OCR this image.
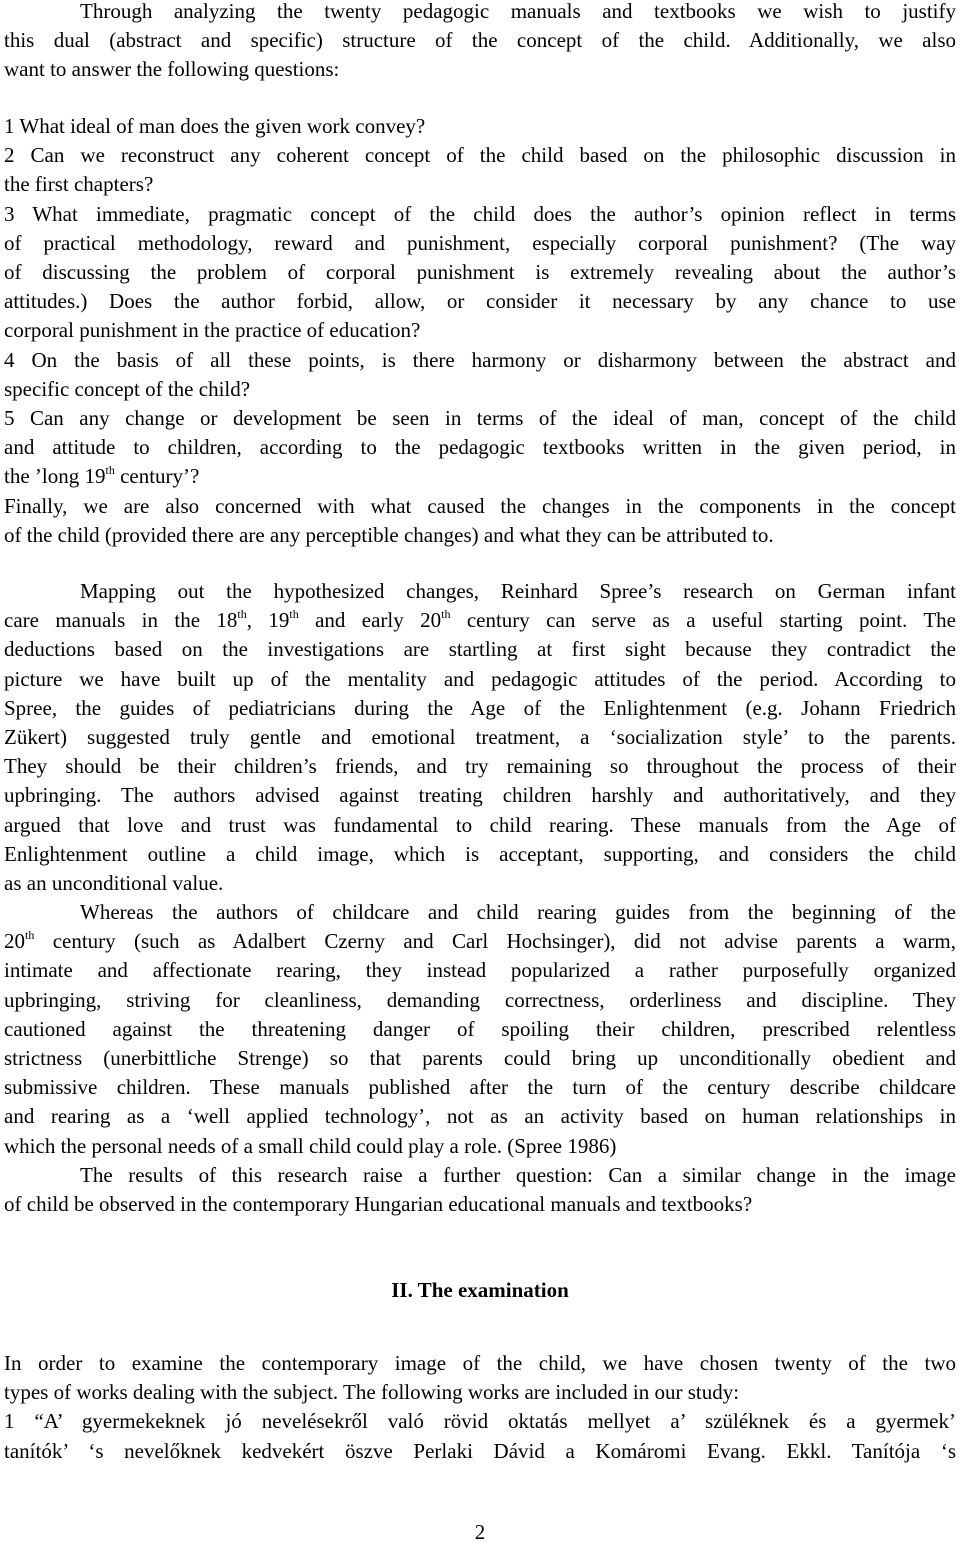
Through analyzing the twenty pedagogic manuals and textbooks we wish to justify
this dual (abstract and specific) structure of the concept of the child. Additionally, we also
want to answer the following questions:
1 What ideal of man does the given work convey?
2 Can we reconstruct any coherent concept of the child based on the philosophic discussion in
the first chapters?
3 What immediate, pragmatic concept of the child does the author’s opinion reflect in terms
of practical methodology, reward and punishment, especially corporal punishment? (The way
of discussing the problem of corporal punishment is extremely revealing about the author’s
attitudes.) Does the author forbid, allow, or consider it necessary by any chance to use
corporal punishment in the practice of education?
4 On the basis of all these points, is there harmony or disharmony between the abstract and
specific concept of the child?
5 Can any change or development be seen in terms of the ideal of man, concept of the child
and attitude to children, according to the pedagogic textbooks written in the given period, in
the ’long 19th century’?
Finally, we are also concerned with what caused the changes in the components in the concept
of the child (provided there are any perceptible changes) and what they can be attributed to.
Mapping out the hypothesized changes, Reinhard Spree’s research on German infant
care manuals in the 18th, 19th and early 20th century can serve as a useful starting point. The
deductions based on the investigations are startling at first sight because they contradict the
picture we have built up of the mentality and pedagogic attitudes of the period. According to
Spree, the guides of pediatricians during the Age of the Enlightenment (e.g. Johann Friedrich
Zükert) suggested truly gentle and emotional treatment, a ‘socialization style’ to the parents.
They should be their children’s friends, and try remaining so throughout the process of their
upbringing. The authors advised against treating children harshly and authoritatively, and they
argued that love and trust was fundamental to child rearing. These manuals from the Age of
Enlightenment outline a child image, which is acceptant, supporting, and considers the child
as an unconditional value.
Whereas the authors of childcare and child rearing guides from the beginning of the
20th century (such as Adalbert Czerny and Carl Hochsinger), did not advise parents a warm,
intimate and affectionate rearing, they instead popularized a rather purposefully organized
upbringing, striving for cleanliness, demanding correctness, orderliness and discipline. They
cautioned against the threatening danger of spoiling their children, prescribed relentless
strictness (unerbittliche Strenge) so that parents could bring up unconditionally obedient and
submissive children. These manuals published after the turn of the century describe childcare
and rearing as a ‘well applied technology’, not as an activity based on human relationships in
which the personal needs of a small child could play a role. (Spree 1986)
The results of this research raise a further question: Can a similar change in the image
of child be observed in the contemporary Hungarian educational manuals and textbooks?

II. The examination

In order to examine the contemporary image of the child, we have chosen twenty of the two
types of works dealing with the subject. The following works are included in our study:
1 “A’ gyermekeknek jó nevelésekről való rövid oktatás mellyet a’ szüléknek és a gyermek’
tanítók’ ‘s nevelőknek kedvekért öszve Perlaki Dávid a Komáromi Evang. Ekkl. Tanítója ‘s

2
